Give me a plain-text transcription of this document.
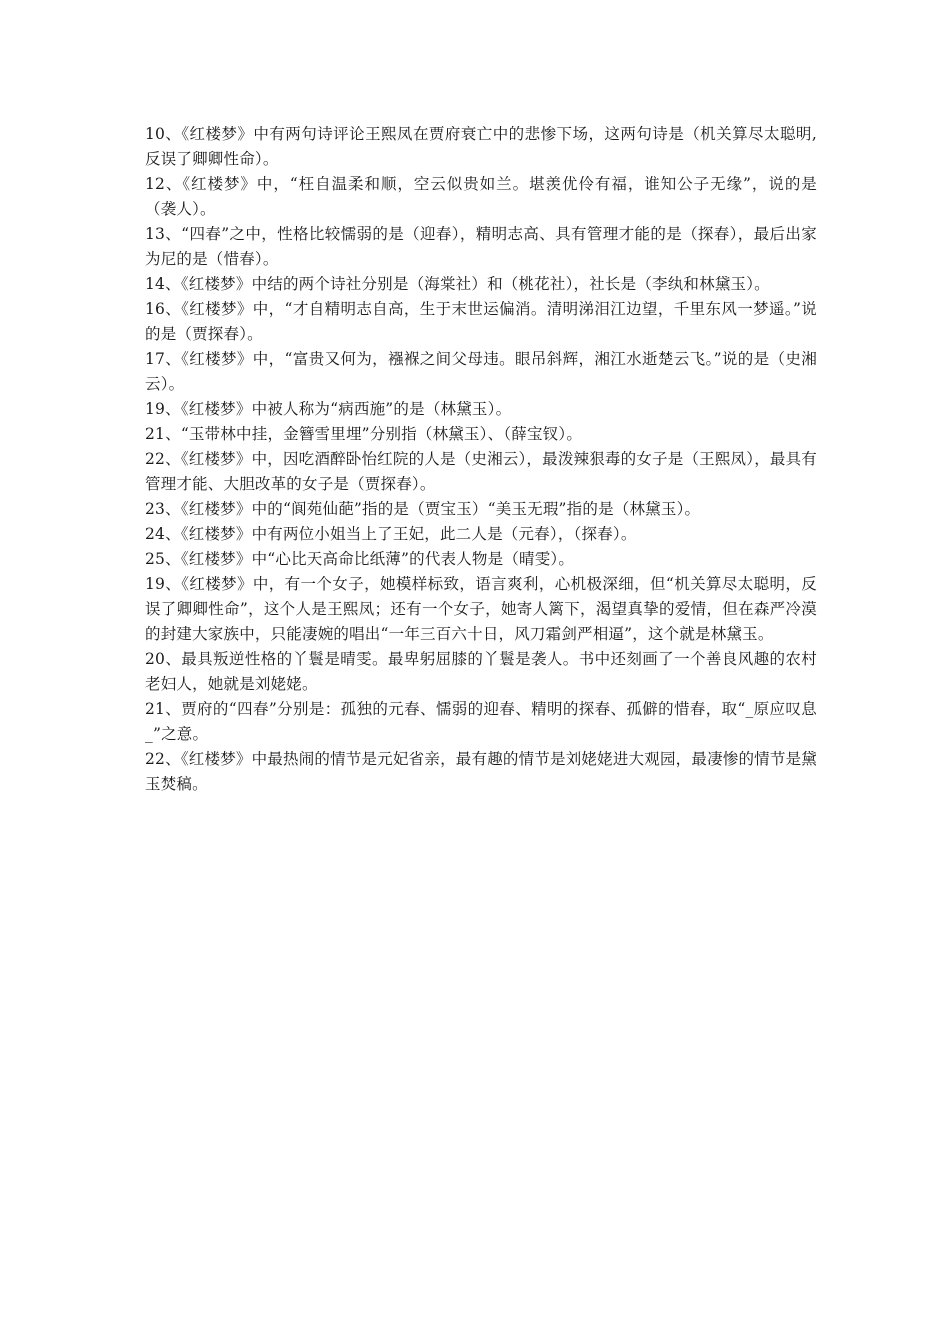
10、《红楼梦》中有两句诗评论王熙凤在贾府衰亡中的悲惨下场，这两句诗是（机关算尽太聪明,反误了卿卿性命）。

12、《红楼梦》中，“枉自温柔和顺，空云似贵如兰。堪羡优伶有福，谁知公子无缘”，说的是（袭人）。

13、“四春”之中，性格比较懦弱的是（迎春），精明志高、具有管理才能的是（探春），最后出家为尼的是（惜春）。

14、《红楼梦》中结的两个诗社分别是（海棠社）和（桃花社），社长是（李纨和林黛玉）。

16、《红楼梦》中，“才自精明志自高，生于末世运偏消。清明涕泪江边望，千里东风一梦遥。”说的是（贾探春）。

17、《红楼梦》中，“富贵又何为，襁褓之间父母违。眼吊斜辉，湘江水逝楚云飞。”说的是（史湘云）。

19、《红楼梦》中被人称为“病西施”的是（林黛玉）。

21、“玉带林中挂，金簪雪里埋”分别指（林黛玉）、（薛宝钗）。

22、《红楼梦》中，因吃酒醉卧怡红院的人是（史湘云），最泼辣狠毒的女子是（王熙凤），最具有管理才能、大胆改革的女子是（贾探春）。

23、《红楼梦》中的“阆苑仙葩”指的是（贾宝玉）“美玉无瑕”指的是（林黛玉）。

24、《红楼梦》中有两位小姐当上了王妃，此二人是（元春），（探春）。

25、《红楼梦》中“心比天高命比纸薄”的代表人物是（晴雯）。

19、《红楼梦》中，有一个女子，她模样标致，语言爽利，心机极深细，但“机关算尽太聪明，反误了卿卿性命”，这个人是王熙凤；还有一个女子，她寄人篱下，渴望真挚的爱情，但在森严冷漠的封建大家族中，只能凄婉的唱出“一年三百六十日，风刀霜剑严相逼”，这个就是林黛玉。

20、最具叛逆性格的丫鬟是晴雯。最卑躬屈膝的丫鬟是袭人。书中还刻画了一个善良风趣的农村老妇人，她就是刘姥姥。

21、贾府的“四春”分别是：孤独的元春、懦弱的迎春、精明的探春、孤僻的惜春，取“_原应叹息_”之意。

22、《红楼梦》中最热闹的情节是元妃省亲，最有趣的情节是刘姥姥进大观园，最凄惨的情节是黛玉焚稿。
